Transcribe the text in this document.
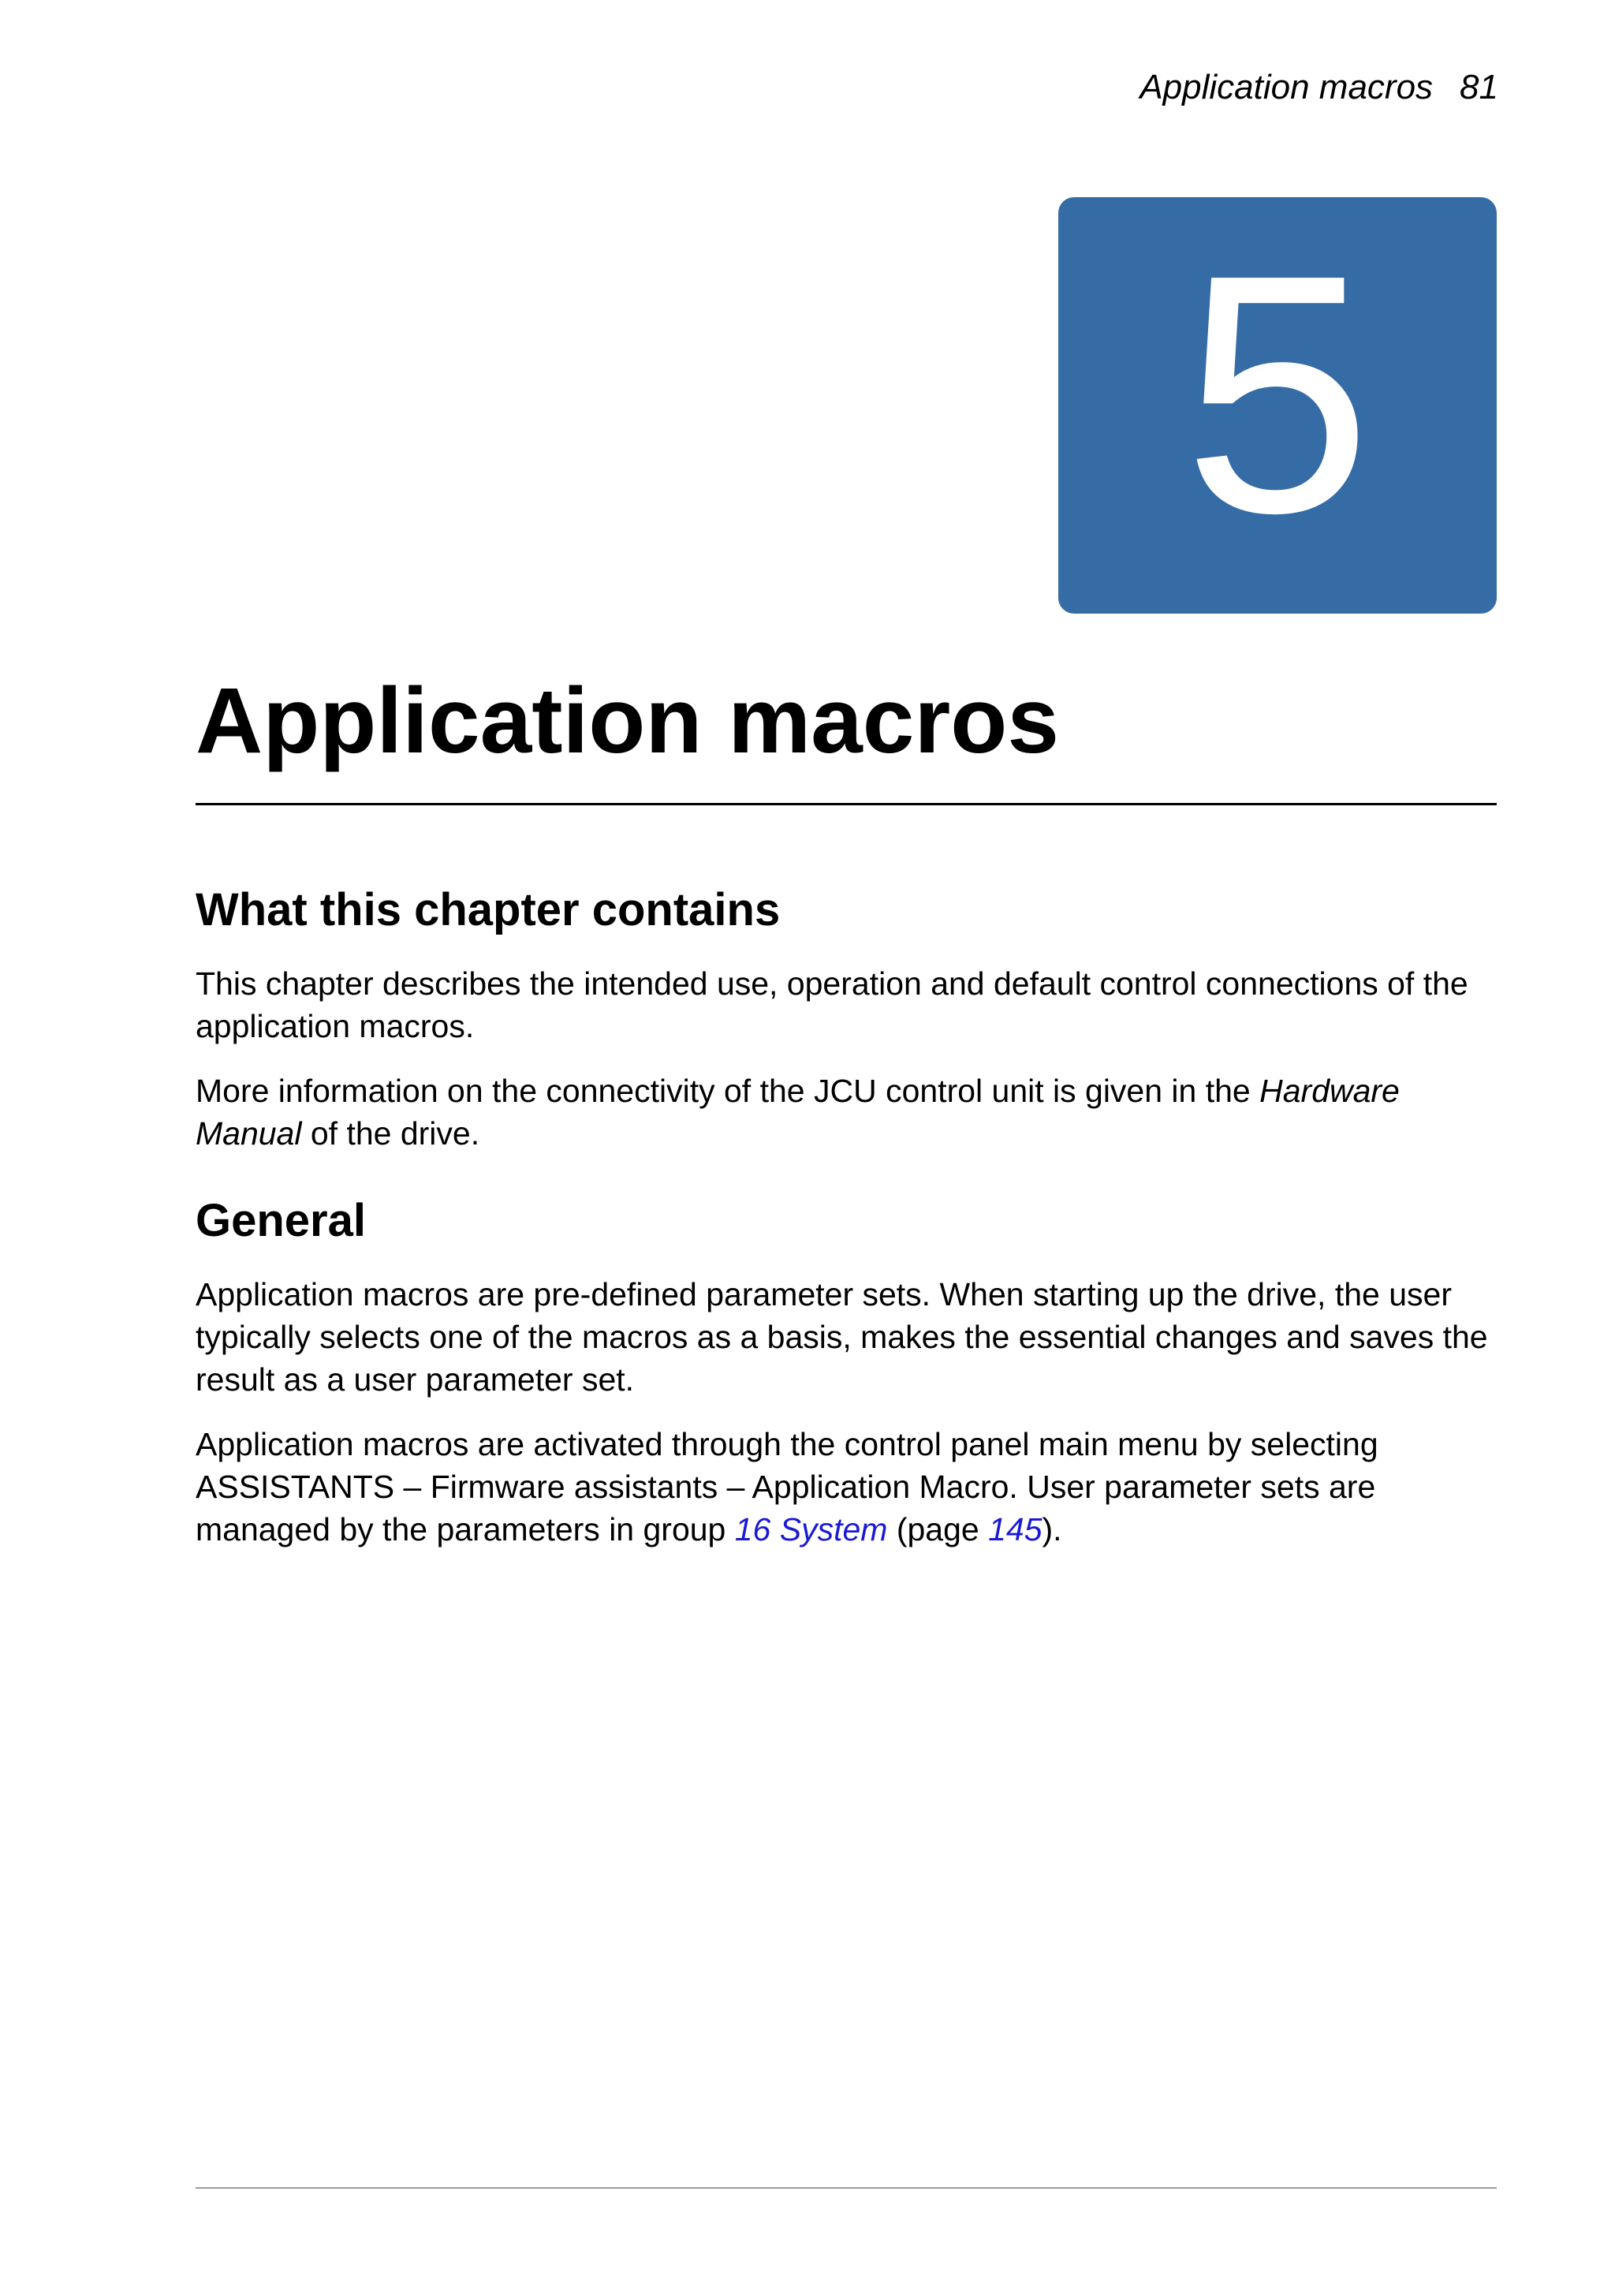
Application macros 81
5
Application macros
What this chapter contains

This chapter describes the intended use, operation and default control connections of the application macros.

More information on the connectivity of the JCU control unit is given in the Hardware Manual of the drive.

General

Application macros are pre-defined parameter sets. When starting up the drive, the user typically selects one of the macros as a basis, makes the essential changes and saves the result as a user parameter set.

Application macros are activated through the control panel main menu by selecting ASSISTANTS – Firmware assistants – Application Macro. User parameter sets are managed by the parameters in group 16 System (page 145).
